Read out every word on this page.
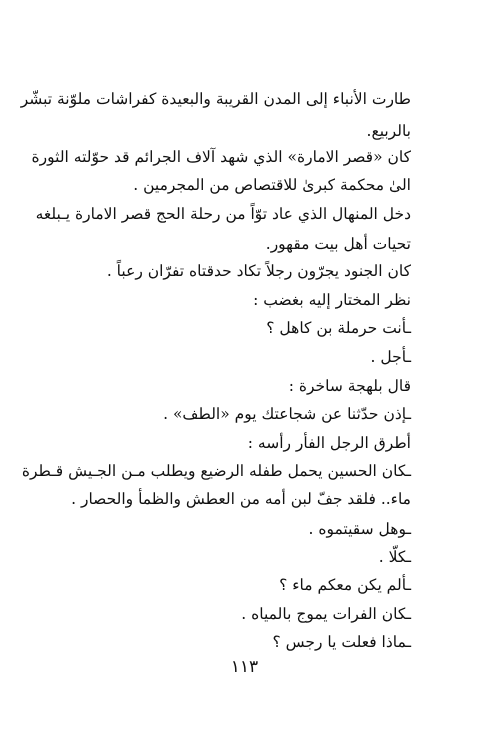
طارت الأنباء إلى المدن القريبة والبعيدة كفراشات ملوّنة تبشّر
بالربيع.
كان «قصر الامارة» الذي شهد آلاف الجرائم قد حوّلته الثورة
الىٰ محكمة كبرىٰ للاقتصاص من المجرمين .
دخل المنهال الذي عاد توّاً من رحلة الحج قصر الامارة يـبلغه
تحيات أهل بيت مقهور.
كان الجنود يجرّون رجلاً تكاد حدقتاه تفرّان رعباً .
نظر المختار إليه بغضب :
ـأنت حرملة بن كاهل ؟
ـأجل .
قال بلهجة ساخرة :
ـإذن حدّثنا عن شجاعتك يوم «الطف» .
أطرق الرجل الفأر رأسه :
ـكان الحسين يحمل طفله الرضيع ويطلب مـن الجـيش قـطرة
ماء.. فلقد جفّ لبن أمه من العطش والظمأ والحصار .
ـوهل سقيتموه .
ـكلّا .
ـألم يكن معكم ماء ؟
ـكان الفرات يموج بالمياه .
ـماذا فعلت يا رجس ؟
١١٣
